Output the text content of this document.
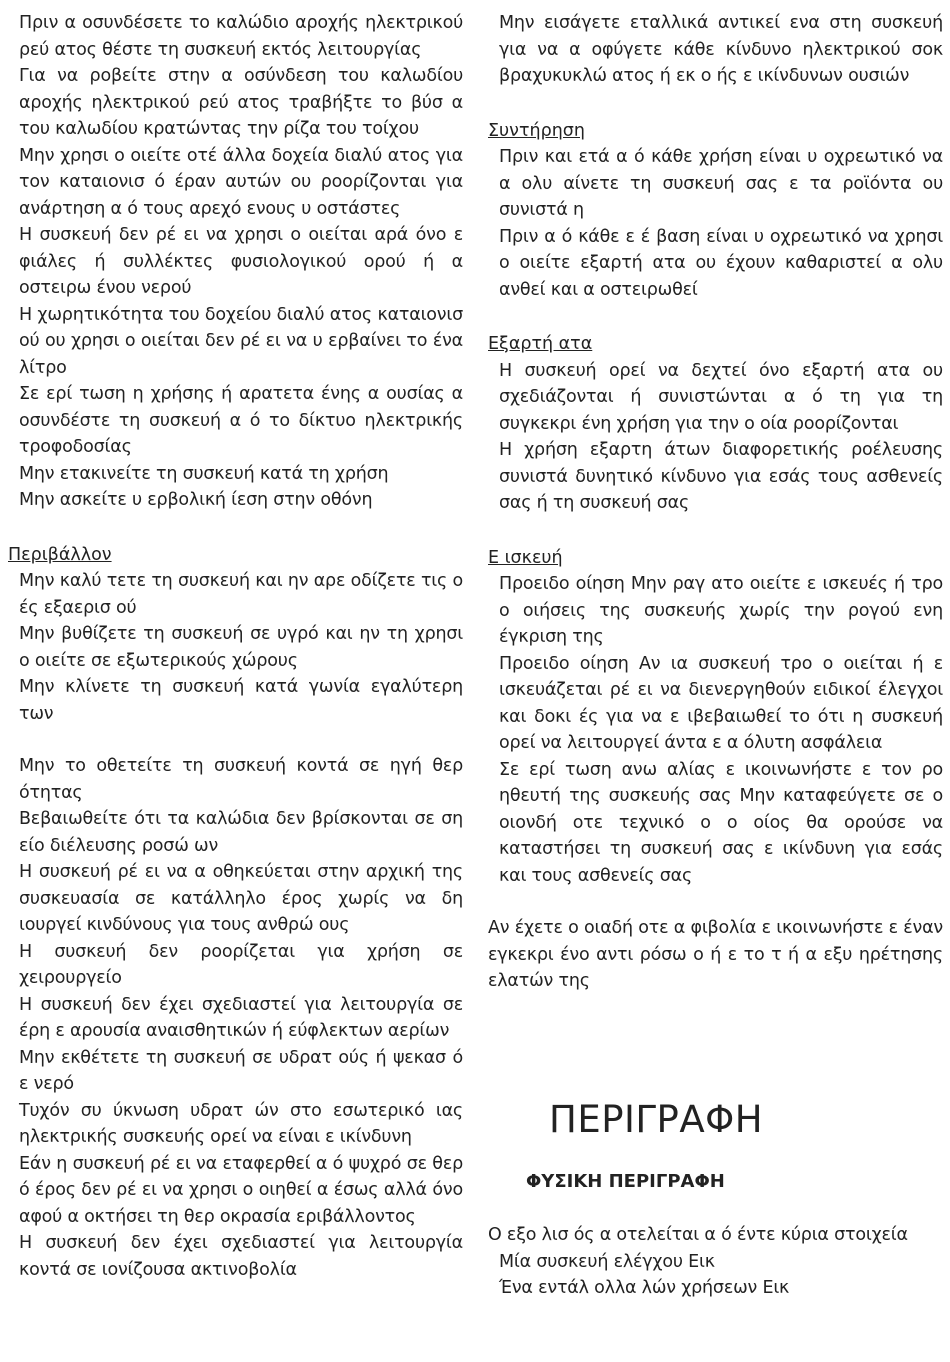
Πριν α οσυνδέσετε το καλώδιο αροχής ηλεκτρικού ρεύ ατος θέστε τη συσκευή εκτός λειτουργίας

Για να ροβείτε στην α οσύνδεση του καλωδίου αροχής ηλεκτρικού ρεύ ατος τραβήξτε το βύσ α του καλωδίου κρατώντας την ρίζα του τοίχου

Μην χρησι ο οιείτε οτέ άλλα δοχεία διαλύ ατος για τον καταιονισ ό έραν αυτών ου ροορίζονται για ανάρτηση α ό τους αρεχό ενους υ οστάστες

Η συσκευή δεν ρέ ει να χρησι ο οιείται αρά όνο ε φιάλες ή συλλέκτες φυσιολογικού ορού ή α οστειρω ένου νερού

Η χωρητικότητα του δοχείου διαλύ ατος καταιονισ ού ου χρησι ο οιείται δεν ρέ ει να υ ερβαίνει το ένα λίτρο

Σε ερί τωση η χρήσης ή αρατετα ένης α ουσίας α οσυνδέστε τη συσκευή α ό το δίκτυο ηλεκτρικής τροφοδοσίας

Μην ετακινείτε τη συσκευή κατά τη χρήση

Μην ασκείτε υ ερβολική ίεση στην οθόνη

Περιβάλλον

Μην καλύ τετε τη συσκευή και ην αρε οδίζετε τις ο ές εξαερισ ού

Μην βυθίζετε τη συσκευή σε υγρό και ην τη χρησι ο οιείτε σε εξωτερικούς χώρους

Μην κλίνετε τη συσκευή κατά γωνία εγαλύτερη των

Μην το οθετείτε τη συσκευή κοντά σε ηγή θερ ότητας

Βεβαιωθείτε ότι τα καλώδια δεν βρίσκονται σε ση είο διέλευσης ροσώ ων

Η συσκευή ρέ ει να α οθηκεύεται στην αρχική της συσκευασία σε κατάλληλο έρος χωρίς να δη ιουργεί κινδύνους για τους ανθρώ ους

Η συσκευή δεν ροορίζεται για χρήση σε χειρουργείο

Η συσκευή δεν έχει σχεδιαστεί για λειτουργία σε έρη ε αρουσία αναισθητικών ή εύφλεκτων αερίων

Μην εκθέτετε τη συσκευή σε υδρατ ούς ή ψεκασ ό ε νερό

Τυχόν συ ύκνωση υδρατ ών στο εσωτερικό ιας ηλεκτρικής συσκευής ορεί να είναι ε ικίνδυνη

Εάν η συσκευή ρέ ει να εταφερθεί α ό ψυχρό σε θερ ό έρος δεν ρέ ει να χρησι ο οιηθεί α έσως αλλά όνο αφού α οκτήσει τη θερ οκρασία εριβάλλοντος

Η συσκευή δεν έχει σχεδιαστεί για λειτουργία κοντά σε ιονίζουσα ακτινοβολία

Μην εισάγετε εταλλικά αντικεί ενα στη συσκευή για να α οφύγετε κάθε κίνδυνο ηλεκτρικού σοκ βραχυκυκλώ ατος ή εκ ο ής ε ικίνδυνων ουσιών

Συντήρηση

Πριν και ετά α ό κάθε χρήση είναι υ οχρεωτικό να α ολυ αίνετε τη συσκευή σας ε τα ροϊόντα ου συνιστά η

Πριν α ό κάθε ε έ βαση είναι υ οχρεωτικό να χρησι ο οιείτε εξαρτή ατα ου έχουν καθαριστεί α ολυ ανθεί και α οστειρωθεί

Εξαρτή ατα

Η συσκευή ορεί να δεχτεί όνο εξαρτή ατα ου σχεδιάζονται ή συνιστώνται α ό τη για τη συγκεκρι ένη χρήση για την ο οία ροορίζονται

Η χρήση εξαρτη άτων διαφορετικής ροέλευσης συνιστά δυνητικό κίνδυνο για εσάς τους ασθενείς σας ή τη συσκευή σας

Ε ισκευή

Προειδο οίηση Μην ραγ ατο οιείτε ε ισκευές ή τρο ο οιήσεις της συσκευής χωρίς την ρογού ενη έγκριση της

Προειδο οίηση Αν ια συσκευή τρο ο οιείται ή ε ισκευάζεται ρέ ει να διενεργηθούν ειδικοί έλεγχοι και δοκι ές για να ε ιβεβαιωθεί το ότι η συσκευή ορεί να λειτουργεί άντα ε α όλυτη ασφάλεια

Σε ερί τωση ανω αλίας ε ικοινωνήστε ε τον ρο ηθευτή της συσκευής σας Μην καταφεύγετε σε ο οιονδή οτε τεχνικό ο ο οίος θα ορούσε να καταστήσει τη συσκευή σας ε ικίνδυνη για εσάς και τους ασθενείς σας

Αν έχετε ο οιαδή οτε α φιβολία ε ικοινωνήστε ε έναν εγκεκρι ένο αντι ρόσω ο ή ε το τ ή α εξυ ηρέτησης ελατών της

ΠΕΡΙΓΡΑΦΗ
ΦΥΣΙΚΗ ΠΕΡΙΓΡΑΦΗ

Ο εξο λισ ός α οτελείται α ό έντε κύρια στοιχεία

Μία συσκευή ελέγχου Εικ

Ένα εντάλ ολλα λών χρήσεων Εικ
